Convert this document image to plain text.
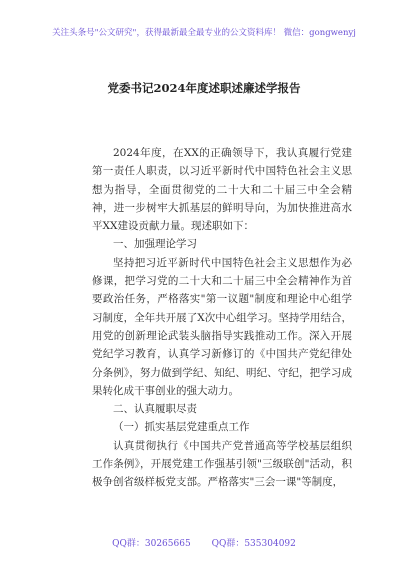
关注头条号"公文研究"，获得最新最全最专业的公文资料库！ 微信：gongwenyj
党委书记2024年度述职述廉述学报告

2024年度，在XX的正确领导下，我认真履行党建第一责任人职责，以习近平新时代中国特色社会主义思想为指导，全面贯彻党的二十大和二十届三中全会精神，进一步树牢大抓基层的鲜明导向，为加快推进高水平XX建设贡献力量。现述职如下：

一、加强理论学习

坚持把习近平新时代中国特色社会主义思想作为必修课，把学习党的二十大和二十届三中全会精神作为首要政治任务，严格落实"第一议题"制度和理论中心组学习制度，全年共开展了X次中心组学习。坚持学用结合，用党的创新理论武装头脑指导实践推动工作。深入开展党纪学习教育，认真学习新修订的《中国共产党纪律处分条例》，努力做到学纪、知纪、明纪、守纪，把学习成果转化成干事创业的强大动力。

二、认真履职尽责

（一）抓实基层党建重点工作

认真贯彻执行《中国共产党普通高等学校基层组织工作条例》，开展党建工作强基引领"三级联创"活动，积极争创省级样板党支部。严格落实"三会一课"等制度，

QQ群：30265665 QQ群：535304092
